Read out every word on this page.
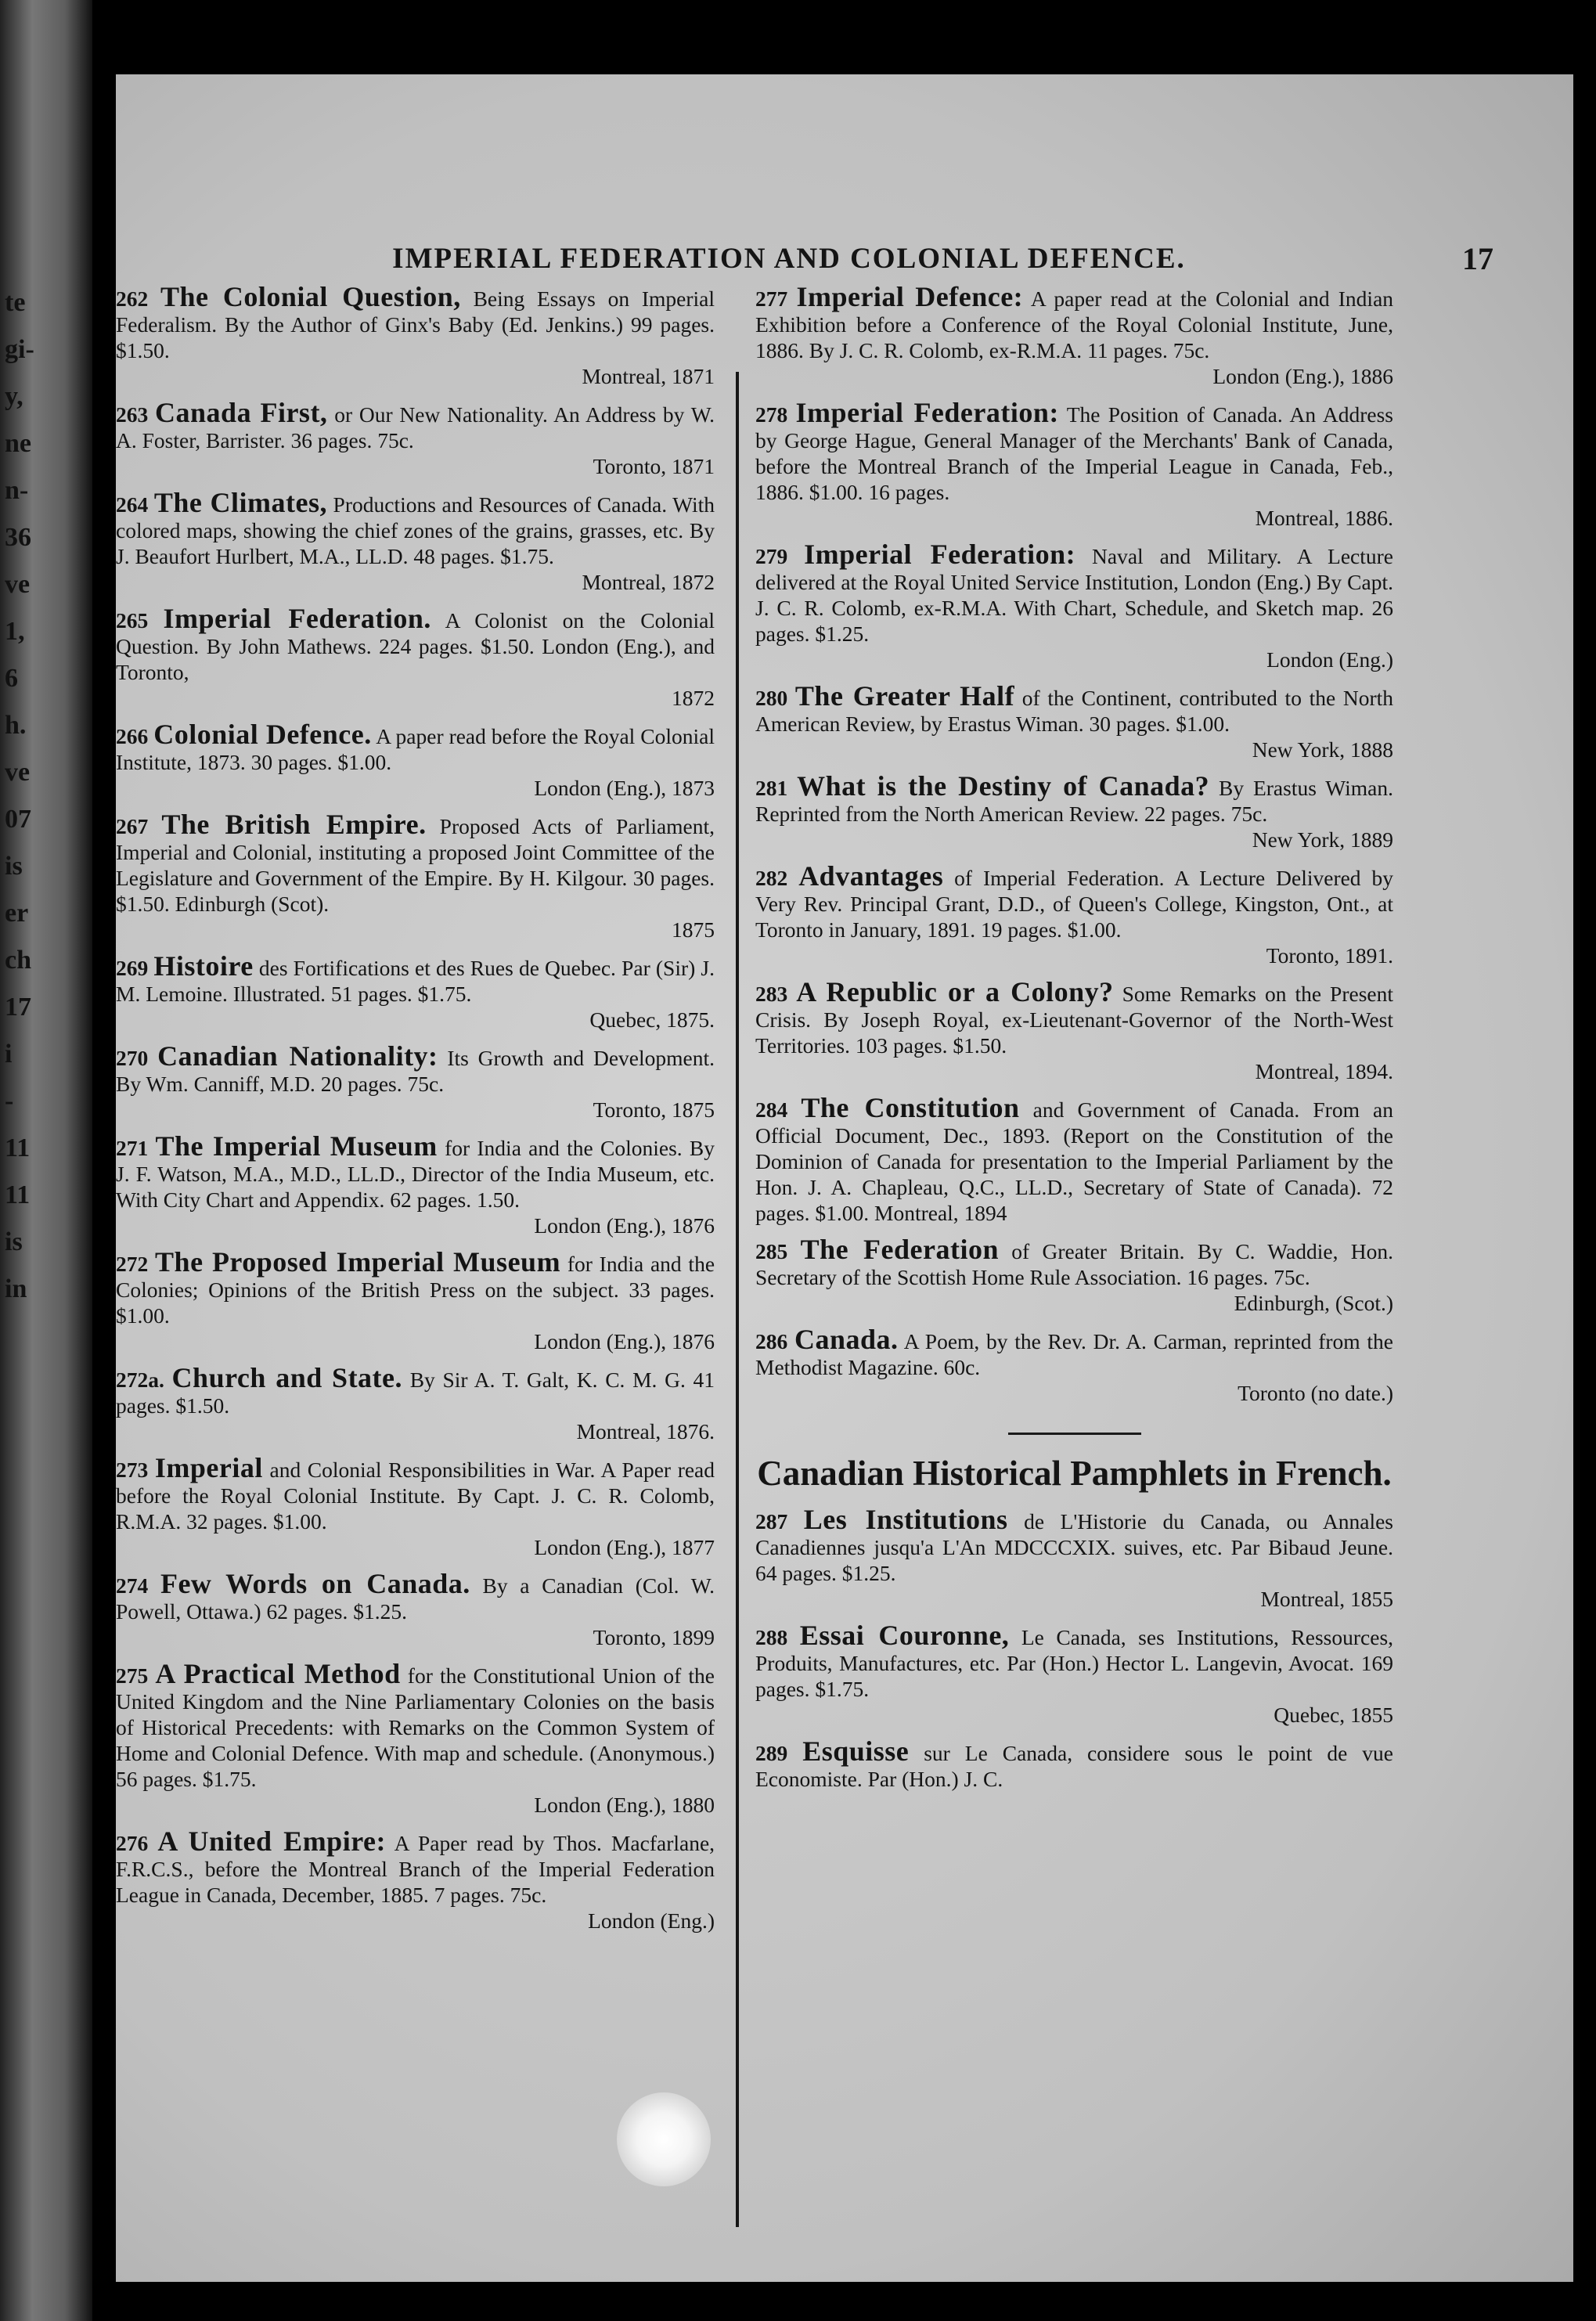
te
gi-
y,
ne
n-
36
ve
1,
6
h.
ve
07
is
er
ch
17
i
-
11
11
is
in
IMPERIAL FEDERATION AND COLONIAL DEFENCE.	17
262 The Colonial Question, Being Essays on Imperial Federalism. By the Author of Ginx's Baby (Ed. Jenkins.) 99 pages. $1.50.
Montreal, 1871
263 Canada First, or Our New Nationality. An Address by W. A. Foster, Barrister. 36 pages. 75c.
Toronto, 1871
264 The Climates, Productions and Resources of Canada. With colored maps, showing the chief zones of the grains, grasses, etc. By J. Beaufort Hurlbert, M.A., LL.D. 48 pages. $1.75.
Montreal, 1872
265 Imperial Federation. A Colonist on the Colonial Question. By John Mathews. 224 pages. $1.50. London (Eng.), and Toronto,
1872
266 Colonial Defence. A paper read before the Royal Colonial Institute, 1873. 30 pages. $1.00.
London (Eng.), 1873
267 The British Empire. Proposed Acts of Parliament, Imperial and Colonial, instituting a proposed Joint Committee of the Legislature and Government of the Empire. By H. Kilgour. 30 pages. $1.50. Edinburgh (Scot).
1875
269 Histoire des Fortifications et des Rues de Quebec. Par (Sir) J. M. Lemoine. Illustrated. 51 pages. $1.75.
Quebec, 1875.
270 Canadian Nationality: Its Growth and Development. By Wm. Canniff, M.D. 20 pages. 75c.
Toronto, 1875
271 The Imperial Museum for India and the Colonies. By J. F. Watson, M.A., M.D., LL.D., Director of the India Museum, etc. With City Chart and Appendix. 62 pages. 1.50.
London (Eng.), 1876
272 The Proposed Imperial Museum for India and the Colonies; Opinions of the British Press on the subject. 33 pages. $1.00.
London (Eng.), 1876
272a. Church and State. By Sir A. T. Galt, K. C. M. G. 41 pages. $1.50.
Montreal, 1876.
273 Imperial and Colonial Responsibilities in War. A Paper read before the Royal Colonial Institute. By Capt. J. C. R. Colomb, R.M.A. 32 pages. $1.00.
London (Eng.), 1877
274 Few Words on Canada. By a Canadian (Col. W. Powell, Ottawa.) 62 pages. $1.25.
Toronto, 1899
275 A Practical Method for the Constitutional Union of the United Kingdom and the Nine Parliamentary Colonies on the basis of Historical Precedents: with Remarks on the Common System of Home and Colonial Defence. With map and schedule. (Anonymous.) 56 pages. $1.75.
London (Eng.), 1880
276 A United Empire: A Paper read by Thos. Macfarlane, F.R.C.S., before the Montreal Branch of the Imperial Federation League in Canada, December, 1885. 7 pages. 75c.
London (Eng.)
277 Imperial Defence: A paper read at the Colonial and Indian Exhibition before a Conference of the Royal Colonial Institute, June, 1886. By J. C. R. Colomb, ex-R.M.A. 11 pages. 75c.
London (Eng.), 1886
278 Imperial Federation: The Position of Canada. An Address by George Hague, General Manager of the Merchants' Bank of Canada, before the Montreal Branch of the Imperial League in Canada, Feb., 1886. $1.00. 16 pages.
Montreal, 1886.
279 Imperial Federation: Naval and Military. A Lecture delivered at the Royal United Service Institution, London (Eng.) By Capt. J. C. R. Colomb, ex-R.M.A. With Chart, Schedule, and Sketch map. 26 pages. $1.25.
London (Eng.)
280 The Greater Half of the Continent, contributed to the North American Review, by Erastus Wiman. 30 pages. $1.00.
New York, 1888
281 What is the Destiny of Canada? By Erastus Wiman. Reprinted from the North American Review. 22 pages. 75c.
New York, 1889
282 Advantages of Imperial Federation. A Lecture Delivered by Very Rev. Principal Grant, D.D., of Queen's College, Kingston, Ont., at Toronto in January, 1891. 19 pages. $1.00.
Toronto, 1891.
283 A Republic or a Colony? Some Remarks on the Present Crisis. By Joseph Royal, ex-Lieutenant-Governor of the North-West Territories. 103 pages. $1.50.
Montreal, 1894.
284 The Constitution and Government of Canada. From an Official Document, Dec., 1893. (Report on the Constitution of the Dominion of Canada for presentation to the Imperial Parliament by the Hon. J. A. Chapleau, Q.C., LL.D., Secretary of State of Canada). 72 pages. $1.00. Montreal, 1894
285 The Federation of Greater Britain. By C. Waddie, Hon. Secretary of the Scottish Home Rule Association. 16 pages. 75c.
Edinburgh, (Scot.)
286 Canada. A Poem, by the Rev. Dr. A. Carman, reprinted from the Methodist Magazine. 60c.
Toronto (no date.)
Canadian Historical Pamphlets in French.
287 Les Institutions de L'Historie du Canada, ou Annales Canadiennes jusqu'a L'An MDCCCXIX. suives, etc. Par Bibaud Jeune. 64 pages. $1.25.
Montreal, 1855
288 Essai Couronne, Le Canada, ses Institutions, Ressources, Produits, Manufactures, etc. Par (Hon.) Hector L. Langevin, Avocat. 169 pages. $1.75.
Quebec, 1855
289 Esquisse sur Le Canada, considere sous le point de vue Economiste. Par (Hon.) J. C.
